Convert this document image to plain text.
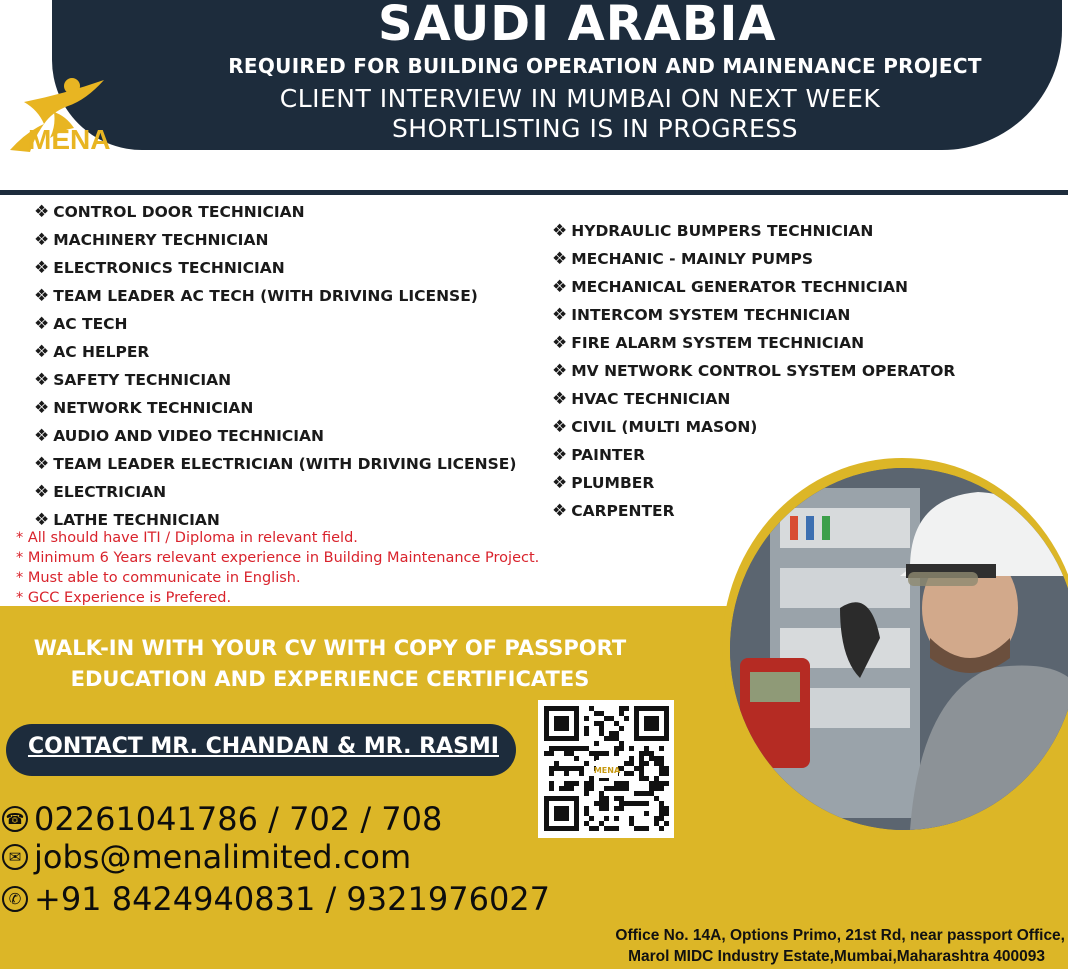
SAUDI ARABIA
REQUIRED FOR BUILDING OPERATION AND MAINENANCE PROJECT
CLIENT INTERVIEW IN MUMBAI ON NEXT WEEK
SHORTLISTING IS IN PROGRESS
MENA
❖ CONTROL DOOR TECHNICIAN
❖ MACHINERY TECHNICIAN
❖ ELECTRONICS TECHNICIAN
❖ TEAM LEADER AC TECH (WITH DRIVING LICENSE)
❖ AC TECH
❖ AC HELPER
❖ SAFETY TECHNICIAN
❖ NETWORK TECHNICIAN
❖ AUDIO AND VIDEO TECHNICIAN
❖ TEAM LEADER ELECTRICIAN (WITH DRIVING LICENSE)
❖ ELECTRICIAN
❖ LATHE TECHNICIAN
❖ HYDRAULIC BUMPERS TECHNICIAN
❖ MECHANIC - MAINLY PUMPS
❖ MECHANICAL GENERATOR TECHNICIAN
❖ INTERCOM SYSTEM TECHNICIAN
❖ FIRE ALARM SYSTEM TECHNICIAN
❖ MV NETWORK CONTROL SYSTEM OPERATOR
❖ HVAC TECHNICIAN
❖ CIVIL (MULTI MASON)
❖ PAINTER
❖ PLUMBER
❖ CARPENTER
* All should have ITI / Diploma in relevant field.
* Minimum 6 Years relevant experience in Building Maintenance Project.
* Must able to communicate in English.
* GCC Experience is Prefered.
WALK-IN WITH YOUR CV WITH COPY OF PASSPORT
EDUCATION AND EXPERIENCE CERTIFICATES
CONTACT MR. CHANDAN & MR. RASMI
☎ 02261041786 / 702 / 708
✉ jobs@menalimited.com
✆ +91 8424940831 / 9321976027
MENA
Office No. 14A, Options Primo, 21st Rd, near passport Office,
Marol MIDC Industry Estate,Mumbai,Maharashtra 400093
